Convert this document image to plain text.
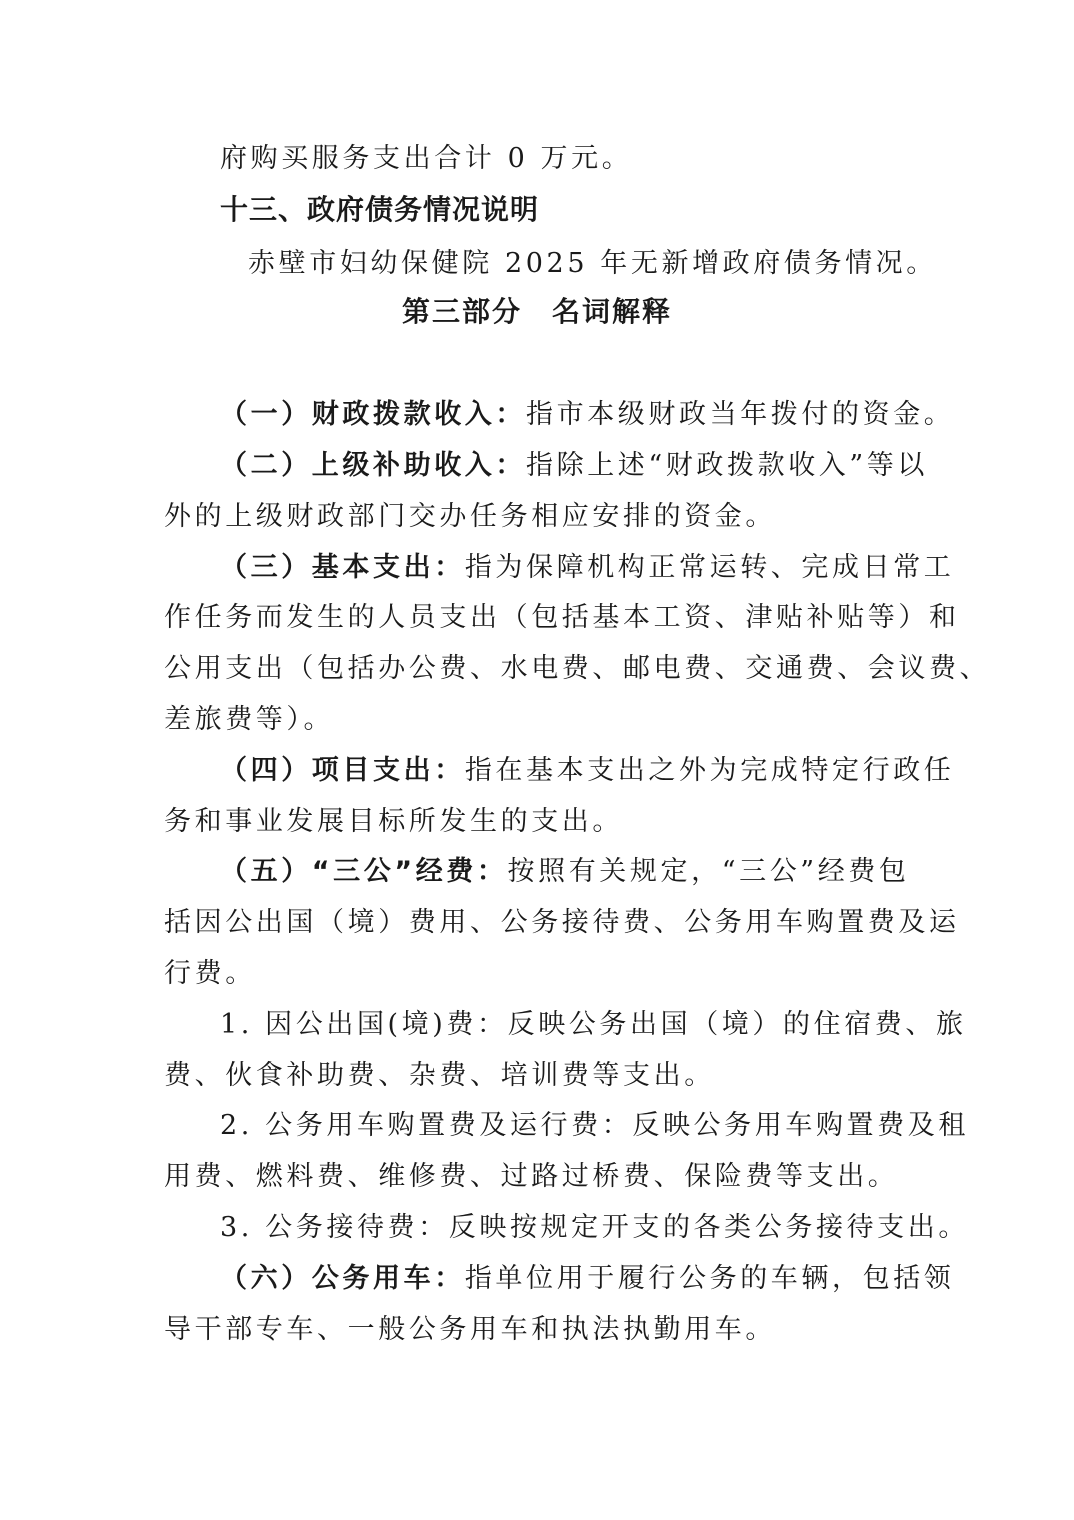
府购买服务支出合计 0 万元。
十三、政府债务情况说明
赤壁市妇幼保健院 2025 年无新增政府债务情况。
第三部分　名词解释
（一）财政拨款收入：指市本级财政当年拨付的资金。
（二）上级补助收入：指除上述“财政拨款收入”等以
外的上级财政部门交办任务相应安排的资金。
（三）基本支出：指为保障机构正常运转、完成日常工
作任务而发生的人员支出（包括基本工资、津贴补贴等）和
公用支出（包括办公费、水电费、邮电费、交通费、会议费、
差旅费等）。
（四）项目支出：指在基本支出之外为完成特定行政任
务和事业发展目标所发生的支出。
（五）“三公”经费：按照有关规定，“三公”经费包
括因公出国（境）费用、公务接待费、公务用车购置费及运
行费。
1. 因公出国(境)费：反映公务出国（境）的住宿费、旅
费、伙食补助费、杂费、培训费等支出。
2. 公务用车购置费及运行费：反映公务用车购置费及租
用费、燃料费、维修费、过路过桥费、保险费等支出。
3. 公务接待费：反映按规定开支的各类公务接待支出。
（六）公务用车：指单位用于履行公务的车辆，包括领
导干部专车、一般公务用车和执法执勤用车。
